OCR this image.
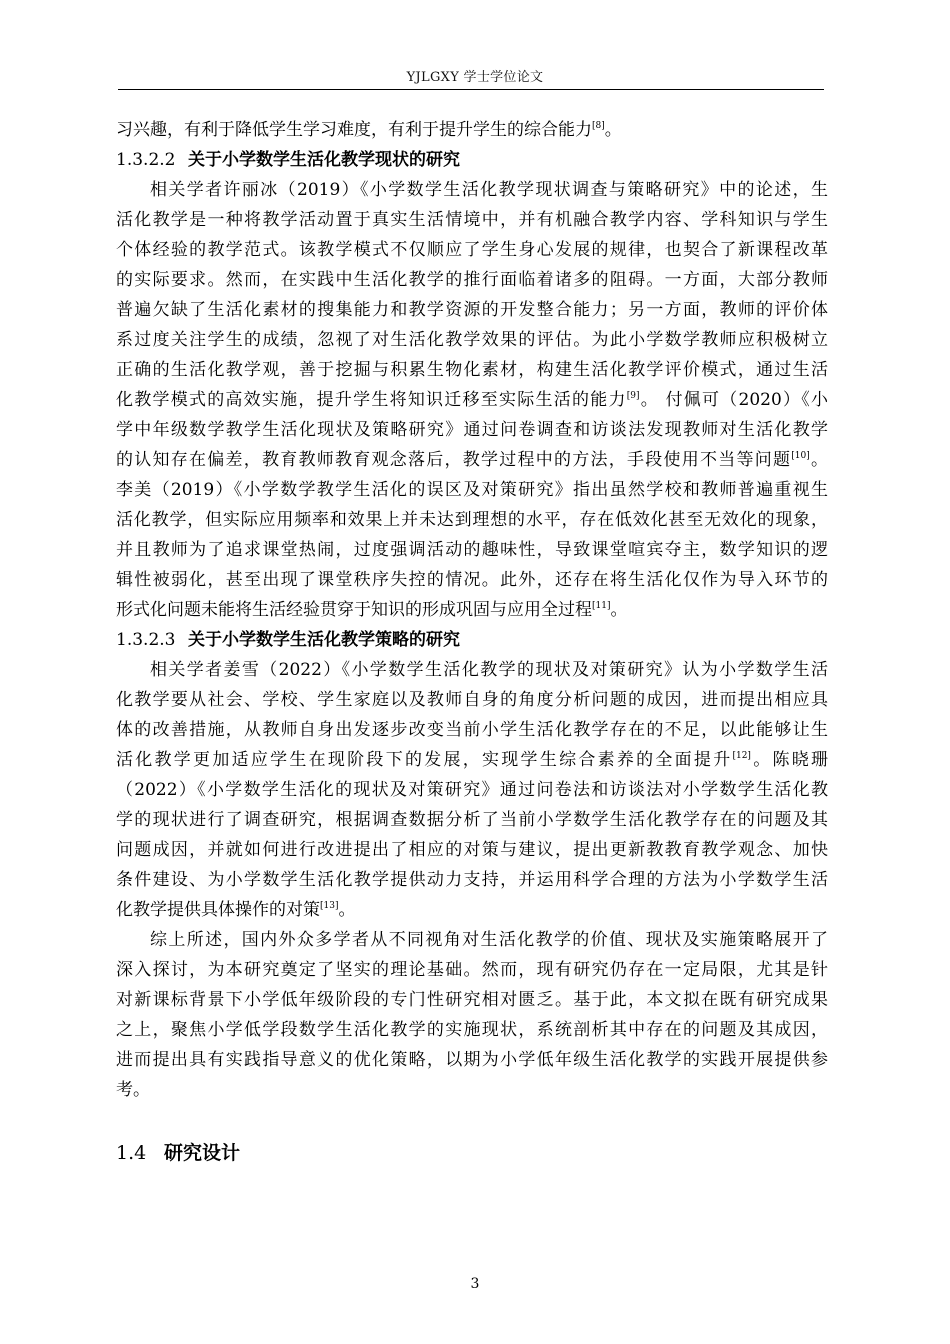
YJLGXY 学士学位论文
习兴趣，有利于降低学生学习难度，有利于提升学生的综合能力[8]。
1.3.2.2 关于小学数学生活化教学现状的研究
相关学者许丽冰（2019）《小学数学生活化教学现状调查与策略研究》中的论述，生
活化教学是一种将教学活动置于真实生活情境中，并有机融合教学内容、学科知识与学生
个体经验的教学范式。该教学模式不仅顺应了学生身心发展的规律，也契合了新课程改革
的实际要求。然而，在实践中生活化教学的推行面临着诸多的阻碍。一方面，大部分教师
普遍欠缺了生活化素材的搜集能力和教学资源的开发整合能力；另一方面，教师的评价体
系过度关注学生的成绩，忽视了对生活化教学效果的评估。为此小学数学教师应积极树立
正确的生活化教学观，善于挖掘与积累生物化素材，构建生活化教学评价模式，通过生活
化教学模式的高效实施，提升学生将知识迁移至实际生活的能力[9]。 付佩可（2020）《小
学中年级数学教学生活化现状及策略研究》通过问卷调查和访谈法发现教师对生活化教学
的认知存在偏差，教育教师教育观念落后，教学过程中的方法，手段使用不当等问题[10]。
李美（2019）《小学数学教学生活化的误区及对策研究》指出虽然学校和教师普遍重视生
活化教学，但实际应用频率和效果上并未达到理想的水平，存在低效化甚至无效化的现象，
并且教师为了追求课堂热闹，过度强调活动的趣味性，导致课堂喧宾夺主，数学知识的逻
辑性被弱化，甚至出现了课堂秩序失控的情况。此外，还存在将生活化仅作为导入环节的
形式化问题未能将生活经验贯穿于知识的形成巩固与应用全过程[11]。
1.3.2.3 关于小学数学生活化教学策略的研究
相关学者姜雪（2022）《小学数学生活化教学的现状及对策研究》认为小学数学生活
化教学要从社会、学校、学生家庭以及教师自身的角度分析问题的成因，进而提出相应具
体的改善措施，从教师自身出发逐步改变当前小学生活化教学存在的不足，以此能够让生
活化教学更加适应学生在现阶段下的发展，实现学生综合素养的全面提升[12]。陈晓珊
（2022）《小学数学生活化的现状及对策研究》通过问卷法和访谈法对小学数学生活化教
学的现状进行了调查研究，根据调查数据分析了当前小学数学生活化教学存在的问题及其
问题成因，并就如何进行改进提出了相应的对策与建议，提出更新教教育教学观念、加快
条件建设、为小学数学生活化教学提供动力支持，并运用科学合理的方法为小学数学生活
化教学提供具体操作的对策[13]。
综上所述，国内外众多学者从不同视角对生活化教学的价值、现状及实施策略展开了
深入探讨，为本研究奠定了坚实的理论基础。然而，现有研究仍存在一定局限，尤其是针
对新课标背景下小学低年级阶段的专门性研究相对匮乏。基于此，本文拟在既有研究成果
之上，聚焦小学低学段数学生活化教学的实施现状，系统剖析其中存在的问题及其成因，
进而提出具有实践指导意义的优化策略，以期为小学低年级生活化教学的实践开展提供参
考。
1.4 研究设计
3
